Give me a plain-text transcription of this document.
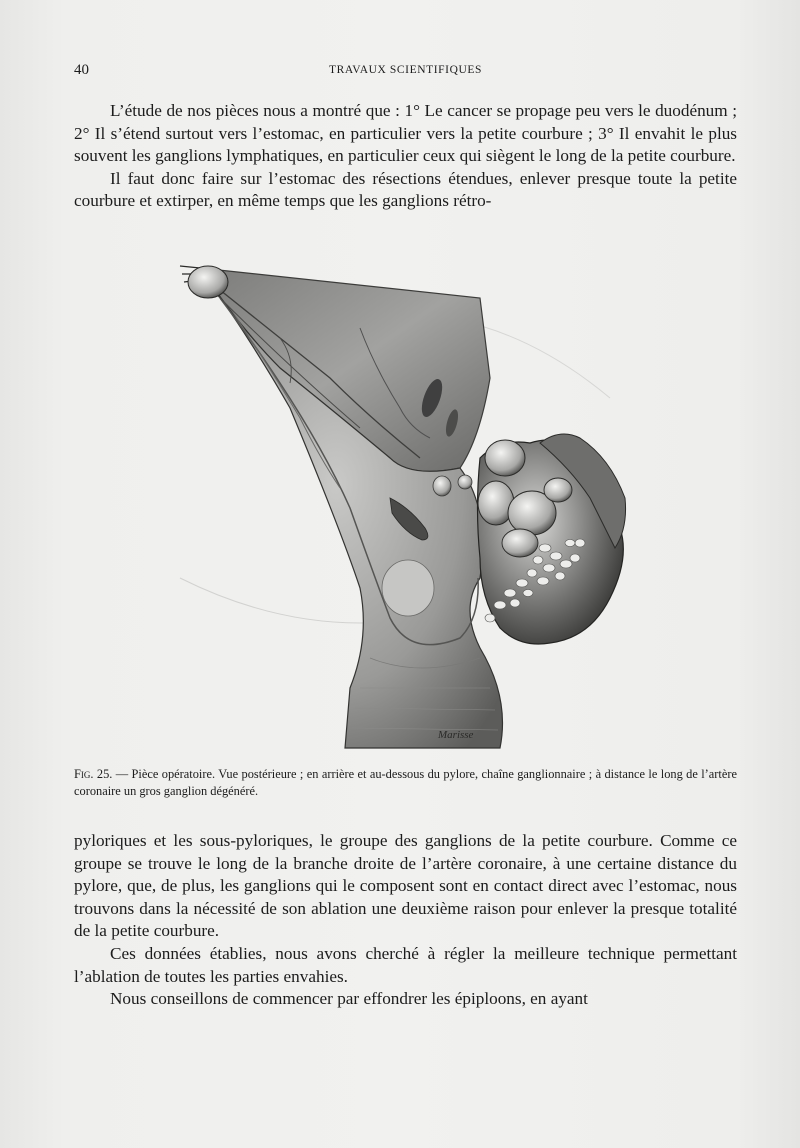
40	TRAVAUX SCIENTIFIQUES

L’étude de nos pièces nous a montré que : 1° Le cancer se propage peu vers le duodénum ; 2° Il s’étend surtout vers l’estomac, en particulier vers la petite courbure ; 3° Il envahit le plus souvent les ganglions lymphatiques, en particulier ceux qui siègent le long de la petite courbure.

Il faut donc faire sur l’estomac des résections étendues, enlever presque toute la petite courbure et extirper, en même temps que les ganglions rétro-

Marisse
Fig. 25. — Pièce opératoire. Vue postérieure ; en arrière et au-dessous du pylore, chaîne ganglionnaire ; à distance le long de l’artère coronaire un gros ganglion dégénéré.

pyloriques et les sous-pyloriques, le groupe des ganglions de la petite courbure. Comme ce groupe se trouve le long de la branche droite de l’artère coronaire, à une certaine distance du pylore, que, de plus, les ganglions qui le composent sont en contact direct avec l’estomac, nous trouvons dans la nécessité de son ablation une deuxième raison pour enlever la presque totalité de la petite courbure.

Ces données établies, nous avons cherché à régler la meilleure technique permettant l’ablation de toutes les parties envahies.

Nous conseillons de commencer par effondrer les épiploons, en ayant
